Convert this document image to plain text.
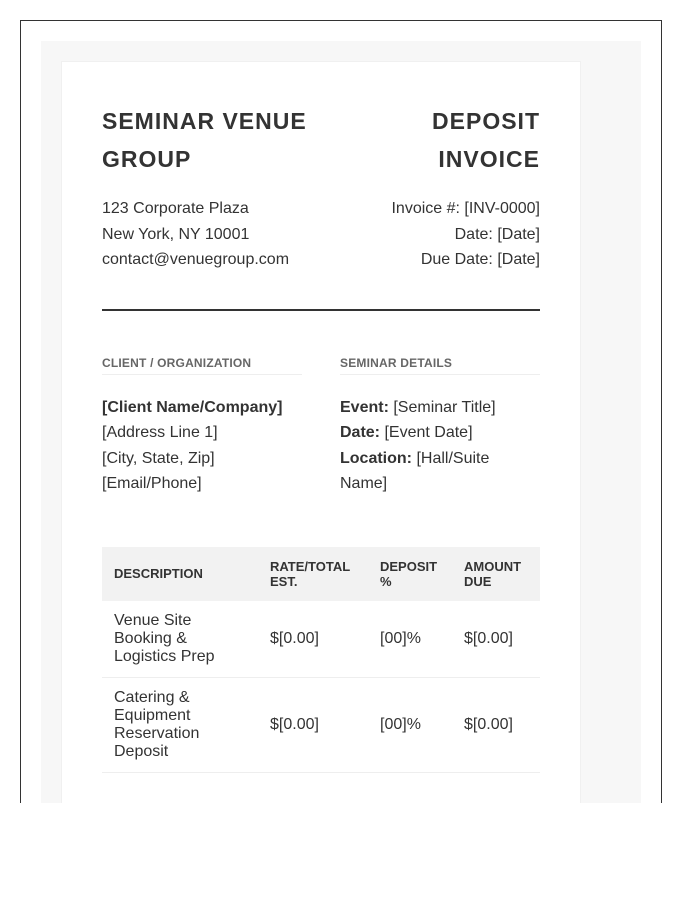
SEMINAR VENUE GROUP
DEPOSIT INVOICE
123 Corporate Plaza
New York, NY 10001
contact@venuegroup.com
Invoice #: [INV-0000]
Date: [Date]
Due Date: [Date]
CLIENT / ORGANIZATION
[Client Name/Company]
[Address Line 1]
[City, State, Zip]
[Email/Phone]
SEMINAR DETAILS
Event: [Seminar Title]
Date: [Event Date]
Location: [Hall/Suite Name]
DESCRIPTION	RATE/TOTAL EST.	DEPOSIT %	AMOUNT DUE
Venue Site Booking & Logistics Prep	$[0.00]	[00]%	$[0.00]
Catering & Equipment Reservation Deposit	$[0.00]	[00]%	$[0.00]
